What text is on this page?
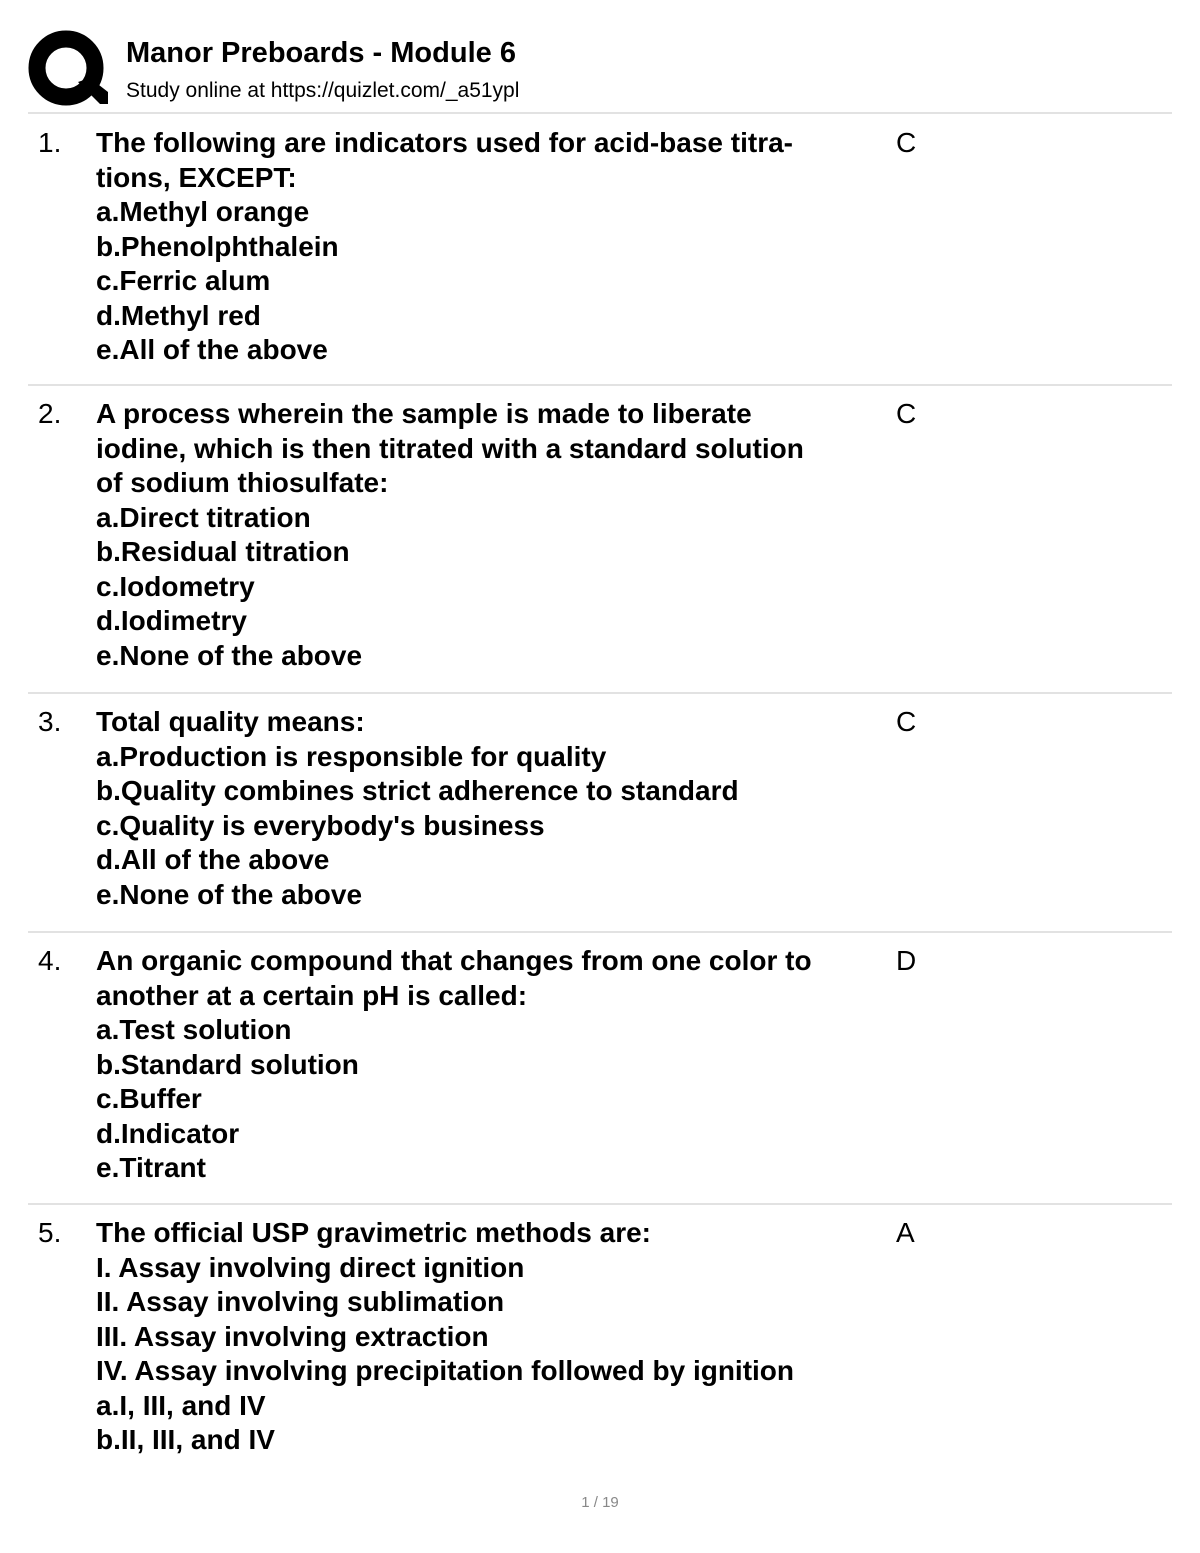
Manor Preboards - Module 6
Study online at https://quizlet.com/_a51ypl
1. The following are indicators used for acid-base titra-
tions, EXCEPT:
a.Methyl orange
b.Phenolphthalein
c.Ferric alum
d.Methyl red
e.All of the above
C
2. A process wherein the sample is made to liberate
iodine, which is then titrated with a standard solution
of sodium thiosulfate:
a.Direct titration
b.Residual titration
c.Iodometry
d.Iodimetry
e.None of the above
C
3. Total quality means:
a.Production is responsible for quality
b.Quality combines strict adherence to standard
c.Quality is everybody's business
d.All of the above
e.None of the above
C
4. An organic compound that changes from one color to
another at a certain pH is called:
a.Test solution
b.Standard solution
c.Buffer
d.Indicator
e.Titrant
D
5. The official USP gravimetric methods are:
I. Assay involving direct ignition
II. Assay involving sublimation
III. Assay involving extraction
IV. Assay involving precipitation followed by ignition
a.I, III, and IV
b.II, III, and IV
A
1 / 19
